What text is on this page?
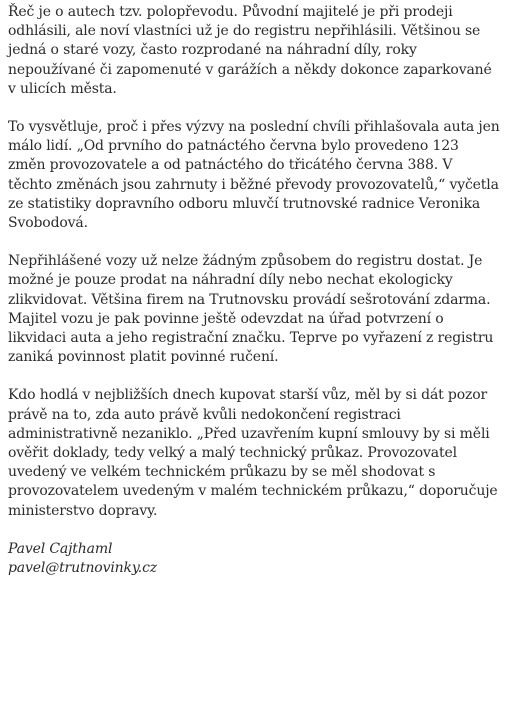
Řeč je o autech tzv. polopřevodu. Původní majitelé je při prodeji odhlásili, ale noví vlastníci už je do registru nepřihlásili. Většinou se jedná o staré vozy, často rozprodané na náhradní díly, roky nepoužívané či zapomenuté v garážích a někdy dokonce zaparkované v ulicích města.

To vysvětluje, proč i přes výzvy na poslední chvíli přihlašovala auta jen málo lidí. „Od prvního do patnáctého června bylo provedeno 123 změn provozovatele a od patnáctého do třicátého června 388. V těchto změnách jsou zahrnuty i běžné převody provozovatelů,“ vyčetla ze statistiky dopravního odboru mluvčí trutnovské radnice Veronika Svobodová.

Nepřihlášené vozy už nelze žádným způsobem do registru dostat. Je možné je pouze prodat na náhradní díly nebo nechat ekologicky zlikvidovat. Většina firem na Trutnovsku provádí sešrotování zdarma. Majitel vozu je pak povinne ještě odevzdat na úřad potvrzení o likvidaci auta a jeho registrační značku. Teprve po vyřazení z registru zaniká povinnost platit povinné ručení.

Kdo hodlá v nejbližších dnech kupovat starší vůz, měl by si dát pozor právě na to, zda auto právě kvůli nedokončení registraci administrativně nezaniklo. „Před uzavřením kupní smlouvy by si měli ověřit doklady, tedy velký a malý technický průkaz. Provozovatel uvedený ve velkém technickém průkazu by se měl shodovat s provozovatelem uvedeným v malém technickém průkazu,“ doporučuje ministerstvo dopravy.

Pavel Cajthaml
pavel@trutnovinky.cz
